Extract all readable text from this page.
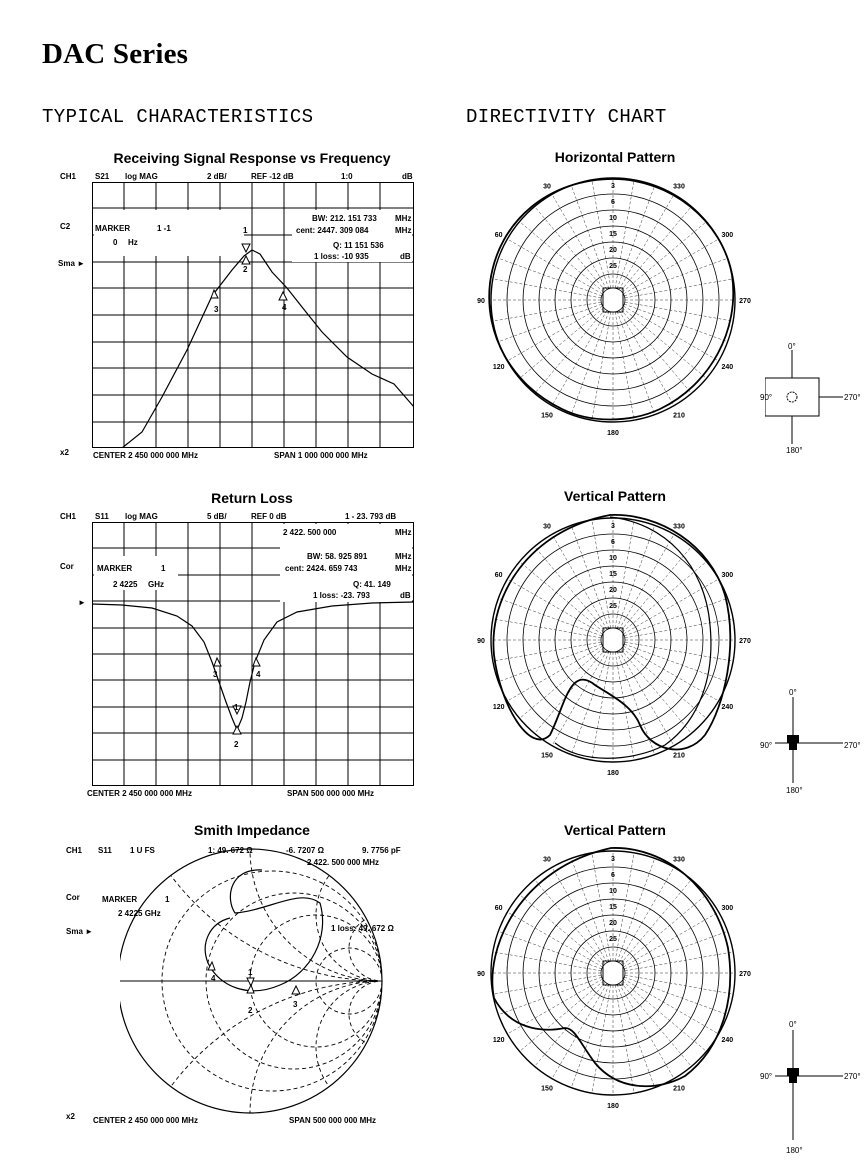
DAC Series
TYPICAL CHARACTERISTICS	DIRECTIVITY CHART
Receiving Signal Response vs Frequency
CH1 S21 log MAG	2 dB/	REF -12 dB	1:0	dB
C2
Sma ►
x2
MARKER	1 -1
0 Hz
BW: 212. 151 733 MHz
cent: 2447. 309 084	MHz
Q: 11 151 536
1 loss: -10 935	dB
1
2
3	4
CENTER 2 450 000 000 MHz	SPAN 1 000 000 000 MHz
Return Loss
CH1 S11 log MAG	5 dB/	REF 0 dB	1 - 23. 793 dB
Cor
►
2 422. 500 000	MHz
BW: 58. 925 891	MHz
cent: 2424. 659 743	MHz
Q: 41. 149
1 loss: -23. 793	dB
MARKER	1
2 4225 GHz
1
2
3	4
CENTER 2 450 000 000 MHz	SPAN 500 000 000 MHz
Smith Impedance
CH1 S11 1 U FS	1: 49. 672 Ω	-6. 7207 Ω	9. 7756 pF
2 422. 500 000 MHz
Cor
Sma ►
x2
MARKER	1
2 4225 GHz
1 loss: 49. 672 Ω
1
2
3
4
CENTER 2 450 000 000 MHz	SPAN 500 000 000 MHz
Horizontal Pattern
Vertical Pattern
Vertical Pattern
3
6
10
15
20
25
30	330
60	300
90	270
120	240
150	210
180
3
6
10
15
20
25
30	330
60	300
90	270
120	240
150	210
180
3
6
10
15
20
25
30	330
60	300
90	270
120	240
150	210
180
0°
90°	270°
180°
0°
90°	270°
180°
0°
90°	270°
180°
